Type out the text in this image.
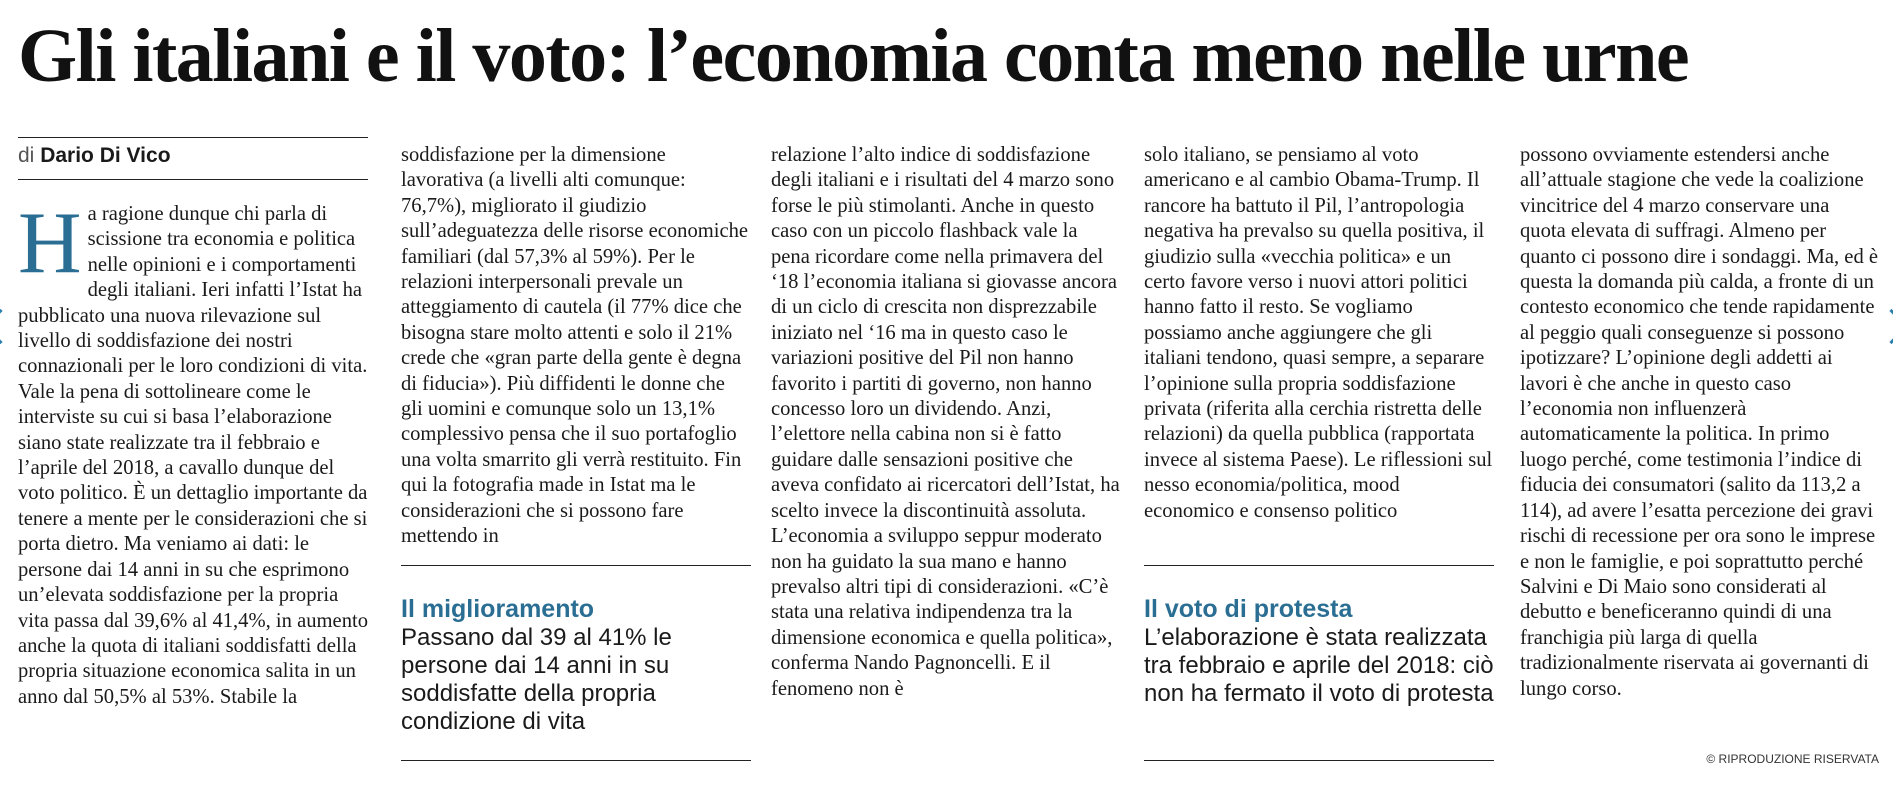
Gli italiani e il voto: l’economia conta meno nelle urne
di Dario Di Vico

Ha ragione dunque chi parla di scissione tra economia e politica nelle opinioni e i comportamenti degli italiani. Ieri infatti l’Istat ha pubblicato una nuova rilevazione sul livello di soddisfazione dei nostri connazionali per le loro condizioni di vita. Vale la pena di sottolineare come le interviste su cui si basa l’elaborazione siano state realizzate tra il febbraio e l’aprile del 2018, a cavallo dunque del voto politico. È un dettaglio importante da tenere a mente per le considerazioni che si porta dietro. Ma veniamo ai dati: le persone dai 14 anni in su che esprimono un’elevata soddisfazione per la propria vita passa dal 39,6% al 41,4%, in aumento anche la quota di italiani soddisfatti della propria situazione economica salita in un anno dal 50,5% al 53%. Stabile la

soddisfazione per la dimensione lavorativa (a livelli alti comunque: 76,7%), migliorato il giudizio sull’adeguatezza delle risorse economiche familiari (dal 57,3% al 59%). Per le relazioni interpersonali prevale un atteggiamento di cautela (il 77% dice che bisogna stare molto attenti e solo il 21% crede che «gran parte della gente è degna di fiducia»). Più diffidenti le donne che gli uomini e comunque solo un 13,1% complessivo pensa che il suo portafoglio una volta smarrito gli verrà restituito. Fin qui la fotografia made in Istat ma le considerazioni che si possono fare mettendo in

Il miglioramento
Passano dal 39 al 41% le persone dai 14 anni in su soddisfatte della propria condizione di vita

relazione l’alto indice di soddisfazione degli italiani e i risultati del 4 marzo sono forse le più stimolanti. Anche in questo caso con un piccolo flashback vale la pena ricordare come nella primavera del ‘18 l’economia italiana si giovasse ancora di un ciclo di crescita non disprezzabile iniziato nel ‘16 ma in questo caso le variazioni positive del Pil non hanno favorito i partiti di governo, non hanno concesso loro un dividendo. Anzi, l’elettore nella cabina non si è fatto guidare dalle sensazioni positive che aveva confidato ai ricercatori dell’Istat, ha scelto invece la discontinuità assoluta. L’economia a sviluppo seppur moderato non ha guidato la sua mano e hanno prevalso altri tipi di considerazioni. «C’è stata una relativa indipendenza tra la dimensione economica e quella politica», conferma Nando Pagnoncelli. E il fenomeno non è

solo italiano, se pensiamo al voto americano e al cambio Obama-Trump. Il rancore ha battuto il Pil, l’antropologia negativa ha prevalso su quella positiva, il giudizio sulla «vecchia politica» e un certo favore verso i nuovi attori politici hanno fatto il resto. Se vogliamo possiamo anche aggiungere che gli italiani tendono, quasi sempre, a separare l’opinione sulla propria soddisfazione privata (riferita alla cerchia ristretta delle relazioni) da quella pubblica (rapportata invece al sistema Paese). Le riflessioni sul nesso economia/politica, mood economico e consenso politico

Il voto di protesta
L’elaborazione è stata realizzata tra febbraio e aprile del 2018: ciò non ha fermato il voto di protesta

possono ovviamente estendersi anche all’attuale stagione che vede la coalizione vincitrice del 4 marzo conservare una quota elevata di suffragi. Almeno per quanto ci possono dire i sondaggi. Ma, ed è questa la domanda più calda, a fronte di un contesto economico che tende rapidamente al peggio quali conseguenze si possono ipotizzare? L’opinione degli addetti ai lavori è che anche in questo caso l’economia non influenzerà automaticamente la politica. In primo luogo perché, come testimonia l’indice di fiducia dei consumatori (salito da 113,2 a 114), ad avere l’esatta percezione dei gravi rischi di recessione per ora sono le imprese e non le famiglie, e poi soprattutto perché Salvini e Di Maio sono considerati al debutto e beneficeranno quindi di una franchigia più larga di quella tradizionalmente riservata ai governanti di lungo corso.

© RIPRODUZIONE RISERVATA
